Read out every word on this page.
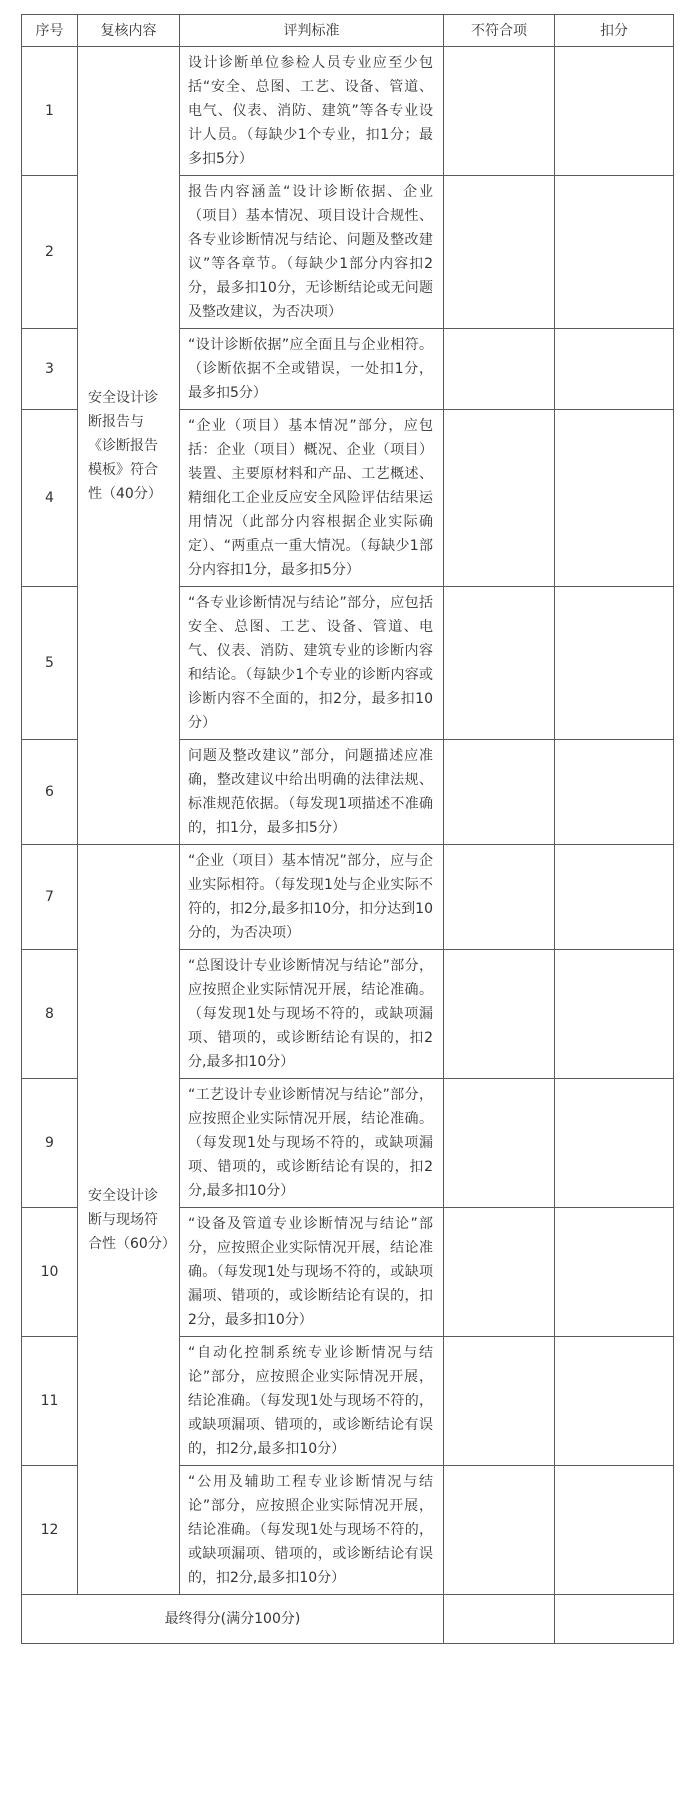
序号	复核内容	评判标准	不符合项	扣分
1	安全设计诊断报告与《诊断报告模板》符合性（40分）	设计诊断单位参检人员专业应至少包括“安全、总图、工艺、设备、管道、电气、仪表、消防、建筑”等各专业设计人员。（每缺少1个专业，扣1分；最多扣5分）		
2		报告内容涵盖“设计诊断依据、企业（项目）基本情况、项目设计合规性、各专业诊断情况与结论、问题及整改建议”等各章节。（每缺少1部分内容扣2分，最多扣10分，无诊断结论或无问题及整改建议，为否决项）		
3		“设计诊断依据”应全面且与企业相符。（诊断依据不全或错误，一处扣1分，最多扣5分）		
4		“企业（项目）基本情况”部分，应包括：企业（项目）概况、企业（项目）装置、主要原材料和产品、工艺概述、精细化工企业反应安全风险评估结果运用情况（此部分内容根据企业实际确定）、“两重点一重大情况。（每缺少1部分内容扣1分，最多扣5分）		
5		“各专业诊断情况与结论”部分，应包括安全、总图、工艺、设备、管道、电气、仪表、消防、建筑专业的诊断内容和结论。（每缺少1个专业的诊断内容或诊断内容不全面的，扣2分，最多扣10分）		
6		问题及整改建议”部分，问题描述应准确，整改建议中给出明确的法律法规、标准规范依据。（每发现1项描述不准确的，扣1分，最多扣5分）		
7	安全设计诊断与现场符合性（60分）	“企业（项目）基本情况”部分，应与企业实际相符。（每发现1处与企业实际不符的，扣2分,最多扣10分，扣分达到10分的，为否决项）		
8		“总图设计专业诊断情况与结论”部分，应按照企业实际情况开展，结论准确。（每发现1处与现场不符的，或缺项漏项、错项的，或诊断结论有误的，扣2分,最多扣10分）		
9		“工艺设计专业诊断情况与结论”部分，应按照企业实际情况开展，结论准确。（每发现1处与现场不符的，或缺项漏项、错项的，或诊断结论有误的，扣2分,最多扣10分）		
10		“设备及管道专业诊断情况与结论”部分，应按照企业实际情况开展，结论准确。（每发现1处与现场不符的，或缺项漏项、错项的，或诊断结论有误的，扣2分，最多扣10分）		
11		“自动化控制系统专业诊断情况与结论”部分，应按照企业实际情况开展，结论准确。（每发现1处与现场不符的，或缺项漏项、错项的，或诊断结论有误的，扣2分,最多扣10分）		
12		“公用及辅助工程专业诊断情况与结论”部分，应按照企业实际情况开展，结论准确。（每发现1处与现场不符的，或缺项漏项、错项的，或诊断结论有误的，扣2分,最多扣10分）		
最终得分(满分100分)				
